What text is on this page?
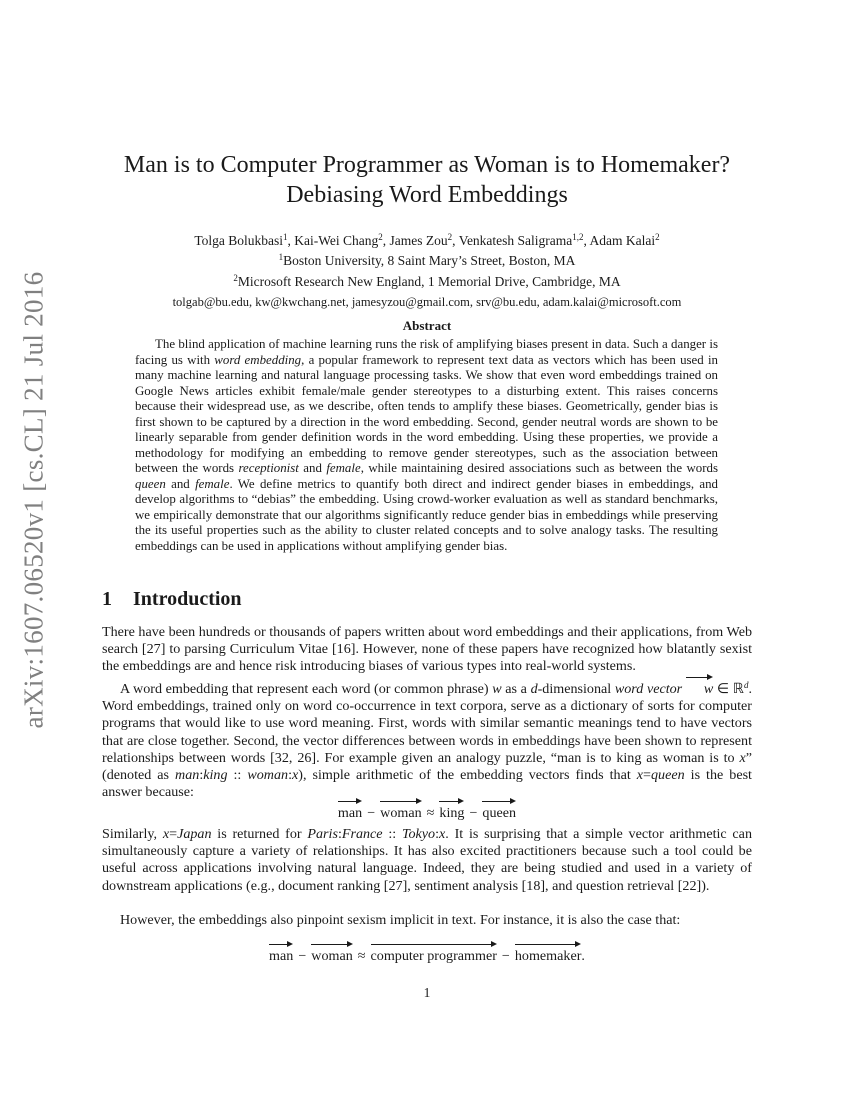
arXiv:1607.06520v1 [cs.CL] 21 Jul 2016
Man is to Computer Programmer as Woman is to Homemaker?
Debiasing Word Embeddings
Tolga Bolukbasi$^1$, Kai-Wei Chang$^2$, James Zou$^2$, Venkatesh Saligrama$^{1,2}$, Adam Kalai$^2$
$^1$Boston University, 8 Saint Mary’s Street, Boston, MA
$^2$Microsoft Research New England, 1 Memorial Drive, Cambridge, MA
tolgab@bu.edu, kw@kwchang.net, jamesyzou@gmail.com, srv@bu.edu, adam.kalai@microsoft.com
Abstract

The blind application of machine learning runs the risk of amplifying biases present in data. Such a danger is facing us with word embedding, a popular framework to represent text data as vectors which has been used in many machine learning and natural language processing tasks. We show that even word embeddings trained on Google News articles exhibit female/male gender stereotypes to a disturbing extent. This raises concerns because their widespread use, as we describe, often tends to amplify these biases. Geometrically, gender bias is first shown to be captured by a direction in the word embedding. Second, gender neutral words are shown to be linearly separable from gender definition words in the word embedding. Using these properties, we provide a methodology for modifying an embedding to remove gender stereotypes, such as the association between between the words receptionist and female, while maintaining desired associations such as between the words queen and female. We define metrics to quantify both direct and indirect gender biases in embeddings, and develop algorithms to “debias” the embedding. Using crowd-worker evaluation as well as standard benchmarks, we empirically demonstrate that our algorithms significantly reduce gender bias in embeddings while preserving the its useful properties such as the ability to cluster related concepts and to solve analogy tasks. The resulting embeddings can be used in applications without amplifying gender bias.

1 Introduction

There have been hundreds or thousands of papers written about word embeddings and their applications, from Web search [27] to parsing Curriculum Vitae [16]. However, none of these papers have recognized how blatantly sexist the embeddings are and hence risk introducing biases of various types into real-world systems.

A word embedding that represent each word (or common phrase) w as a d-dimensional word vector w ∈ ℝ$^d$. Word embeddings, trained only on word co-occurrence in text corpora, serve as a dictionary of sorts for computer programs that would like to use word meaning. First, words with similar semantic meanings tend to have vectors that are close together. Second, the vector differences between words in embeddings have been shown to represent relationships between words [32, 26]. For example given an analogy puzzle, “man is to king as woman is to x” (denoted as man:king :: woman:x), simple arithmetic of the embedding vectors finds that x=queen is the best answer because:

man − woman ≈ king − queen

Similarly, x=Japan is returned for Paris:France :: Tokyo:x. It is surprising that a simple vector arithmetic can simultaneously capture a variety of relationships. It has also excited practitioners because such a tool could be useful across applications involving natural language. Indeed, they are being studied and used in a variety of downstream applications (e.g., document ranking [27], sentiment analysis [18], and question retrieval [22]).

However, the embeddings also pinpoint sexism implicit in text. For instance, it is also the case that:

man − woman ≈ computer programmer − homemaker.
1
